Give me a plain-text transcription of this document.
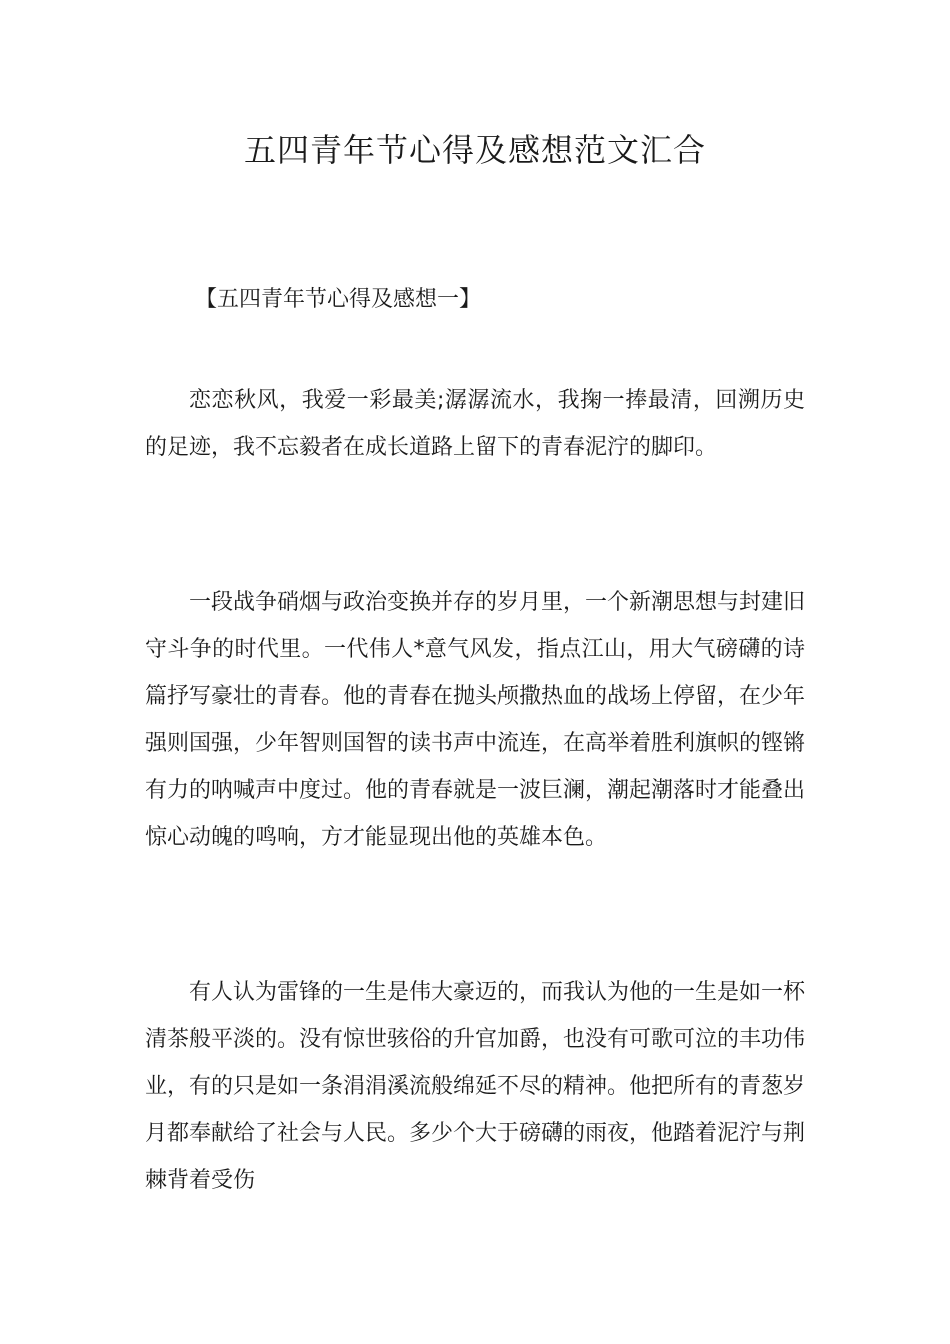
五四青年节心得及感想范文汇合
【五四青年节心得及感想一】

恋恋秋风，我爱一彩最美;潺潺流水，我掬一捧最清，回溯历史的足迹，我不忘毅者在成长道路上留下的青春泥泞的脚印。

一段战争硝烟与政治变换并存的岁月里，一个新潮思想与封建旧守斗争的时代里。一代伟人*意气风发，指点江山，用大气磅礴的诗篇抒写豪壮的青春。他的青春在抛头颅撒热血的战场上停留，在少年强则国强，少年智则国智的读书声中流连，在高举着胜利旗帜的铿锵有力的呐喊声中度过。他的青春就是一波巨澜，潮起潮落时才能叠出惊心动魄的鸣响，方才能显现出他的英雄本色。

有人认为雷锋的一生是伟大豪迈的，而我认为他的一生是如一杯清茶般平淡的。没有惊世骇俗的升官加爵，也没有可歌可泣的丰功伟业，有的只是如一条涓涓溪流般绵延不尽的精神。他把所有的青葱岁月都奉献给了社会与人民。多少个大于磅礴的雨夜，他踏着泥泞与荆棘背着受伤
